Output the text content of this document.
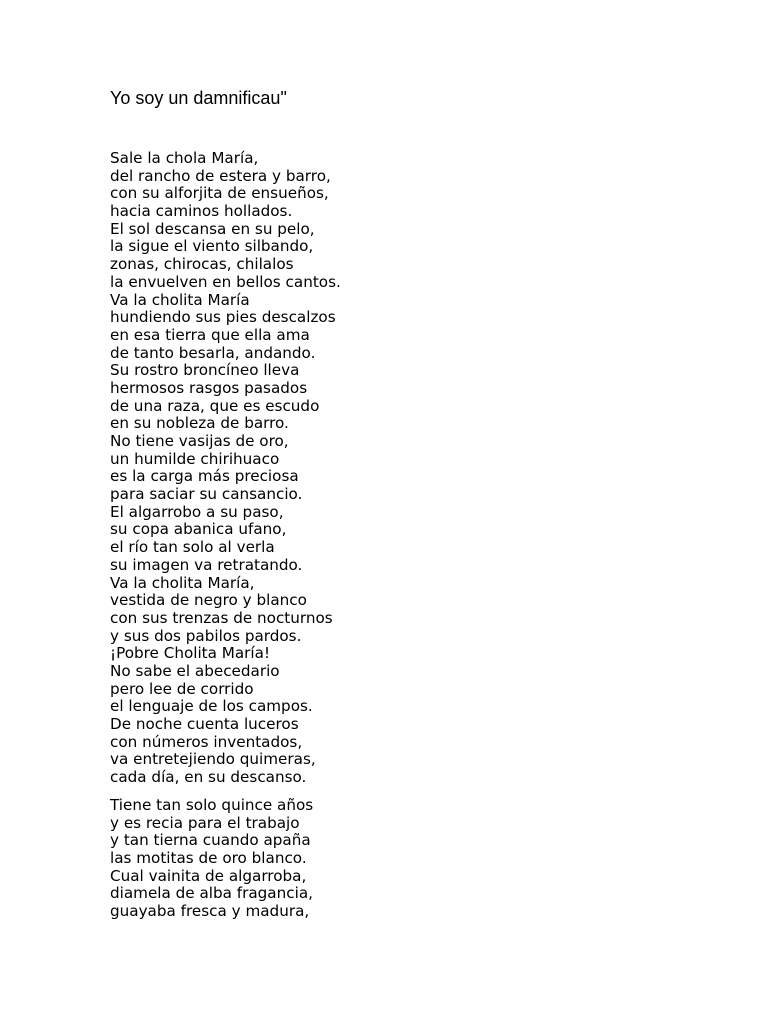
Yo soy un damnificau"
Sale la chola María,
del rancho de estera y barro,
con su alforjita de ensueños,
hacia caminos hollados.
El sol descansa en su pelo,
la sigue el viento silbando,
zonas, chirocas, chilalos
la envuelven en bellos cantos.
Va la cholita María
hundiendo sus pies descalzos
en esa tierra que ella ama
de tanto besarla, andando.
Su rostro broncíneo lleva
hermosos rasgos pasados
de una raza, que es escudo
en su nobleza de barro.
No tiene vasijas de oro,
un humilde chirihuaco
es la carga más preciosa
para saciar su cansancio.
El algarrobo a su paso,
su copa abanica ufano,
el río tan solo al verla
su imagen va retratando.
Va la cholita María,
vestida de negro y blanco
con sus trenzas de nocturnos
y sus dos pabilos pardos.
¡Pobre Cholita María!
No sabe el abecedario
pero lee de corrido
el lenguaje de los campos.
De noche cuenta luceros
con números inventados,
va entretejiendo quimeras,
cada día, en su descanso.
Tiene tan solo quince años
y es recia para el trabajo
y tan tierna cuando apaña
las motitas de oro blanco.
Cual vainita de algarroba,
diamela de alba fragancia,
guayaba fresca y madura,
